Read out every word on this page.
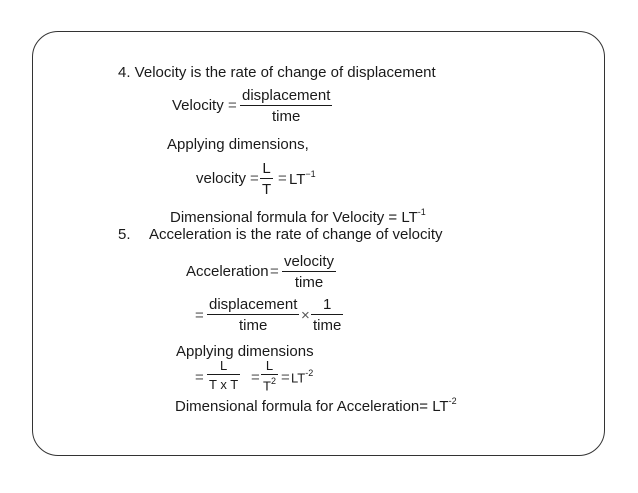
4. Velocity is the rate of change of displacement
Velocity =
displacement
time
Applying dimensions,
velocity =
L
T
= $LT^{-1}$
Dimensional formula for Velocity = $LT^{-1}$
5. Acceleration is the rate of change of velocity
Acceleration =
velocity
time
=
displacement
time
×
1
time
Applying dimensions
=
L
T x T =
L
$T^2 = LT^{-2}$
Dimensional formula for Acceleration= $LT^{-2}$
